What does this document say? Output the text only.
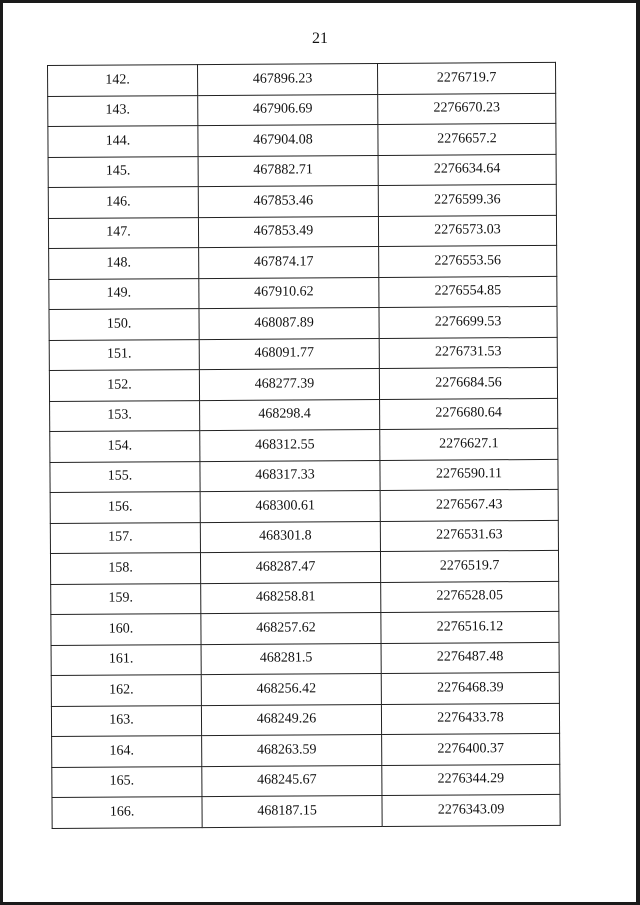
21
142.	467896.23	2276719.7
143.	467906.69	2276670.23
144.	467904.08	2276657.2
145.	467882.71	2276634.64
146.	467853.46	2276599.36
147.	467853.49	2276573.03
148.	467874.17	2276553.56
149.	467910.62	2276554.85
150.	468087.89	2276699.53
151.	468091.77	2276731.53
152.	468277.39	2276684.56
153.	468298.4	2276680.64
154.	468312.55	2276627.1
155.	468317.33	2276590.11
156.	468300.61	2276567.43
157.	468301.8	2276531.63
158.	468287.47	2276519.7
159.	468258.81	2276528.05
160.	468257.62	2276516.12
161.	468281.5	2276487.48
162.	468256.42	2276468.39
163.	468249.26	2276433.78
164.	468263.59	2276400.37
165.	468245.67	2276344.29
166.	468187.15	2276343.09
